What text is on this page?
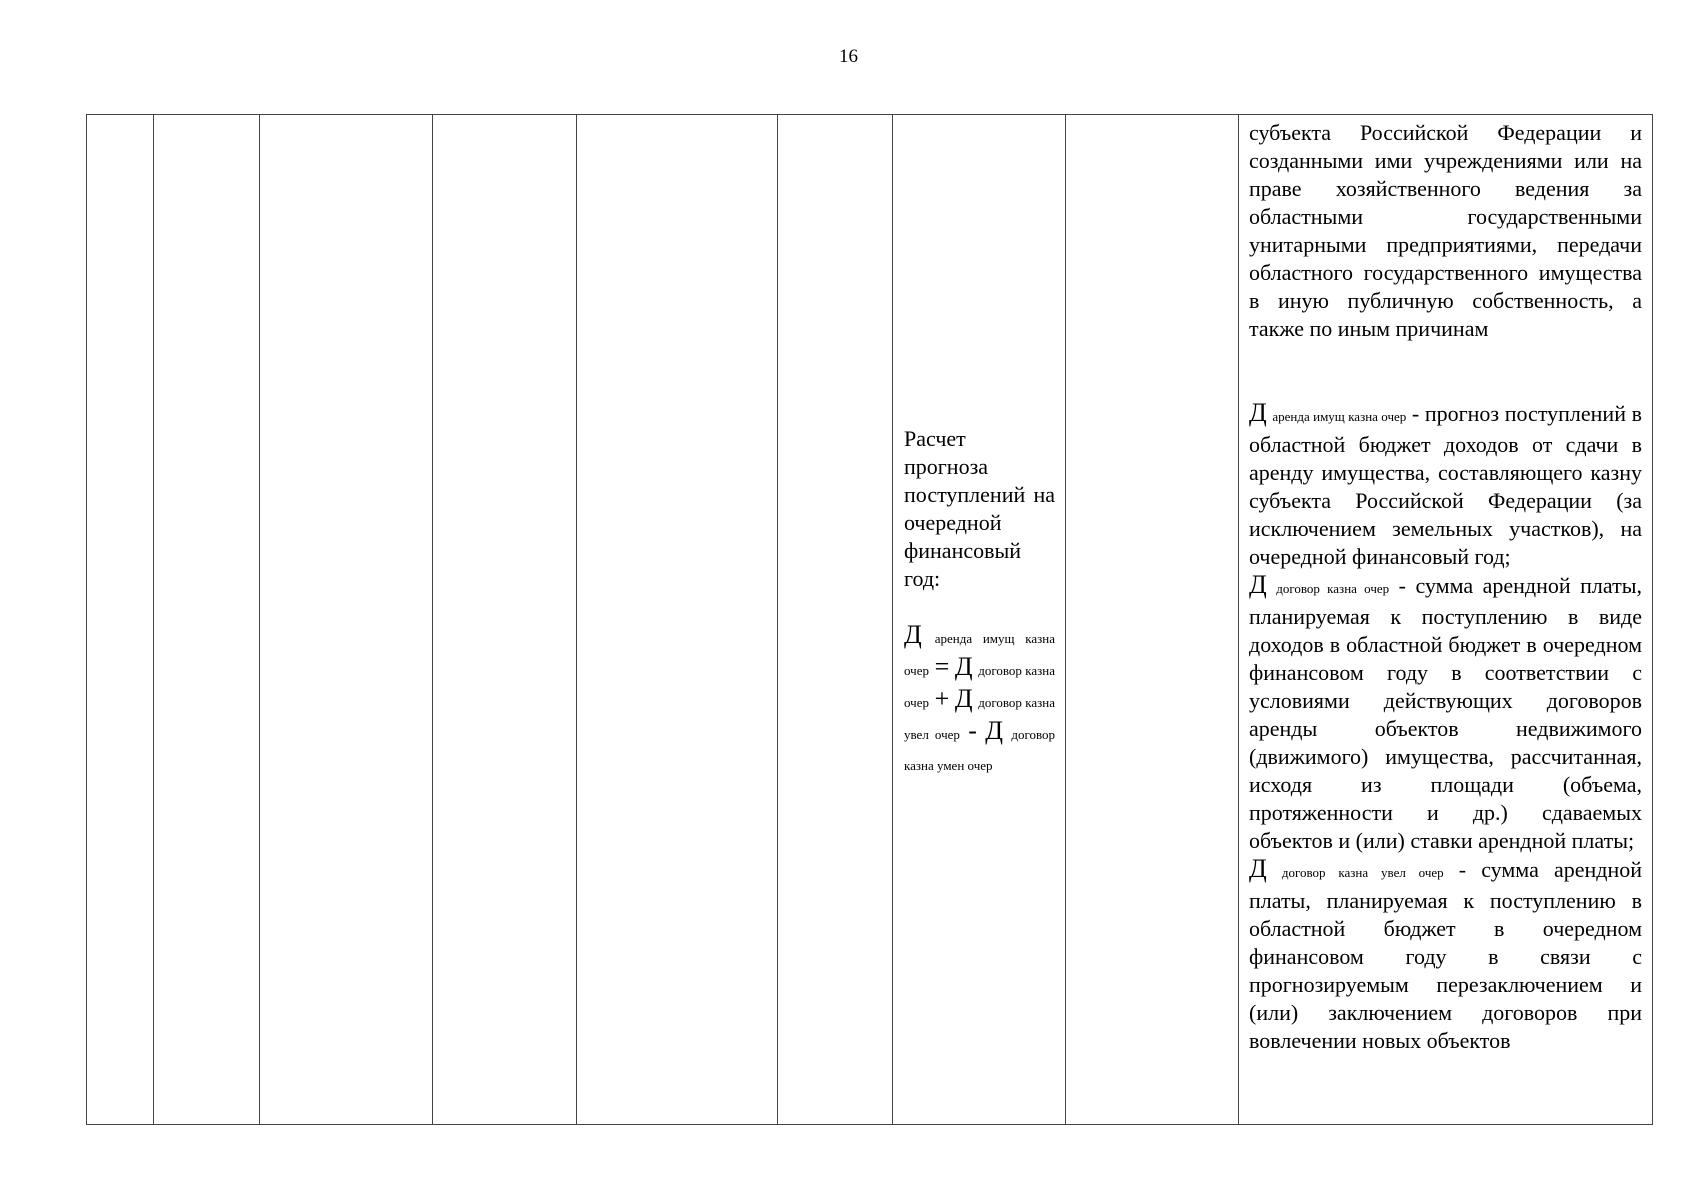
16

Расчет прогноза поступлений на очередной финансовый год:
Д аренда имущ казна очер = Д договор казна очер + Д договор казна увел очер - Д договор казна умен очер

субъекта Российской Федерации и созданными ими учреждениями или на праве хозяйственного ведения за областными государственными унитарными предприятиями, передачи областного государственного имущества в иную публичную собственность, а также по иным причинам

Д аренда имущ казна очер - прогноз поступлений в областной бюджет доходов от сдачи в аренду имущества, составляющего казну субъекта Российской Федерации (за исключением земельных участков), на очередной финансовый год;

Д договор казна очер - сумма арендной платы, планируемая к поступлению в виде доходов в областной бюджет в очередном финансовом году в соответствии с условиями действующих договоров аренды объектов недвижимого (движимого) имущества, рассчитанная, исходя из площади (объема, протяженности и др.) сдаваемых объектов и (или) ставки арендной платы;

Д договор казна увел очер - сумма арендной платы, планируемая к поступлению в областной бюджет в очередном финансовом году в связи с прогнозируемым перезаключением и (или) заключением договоров при вовлечении новых объектов
